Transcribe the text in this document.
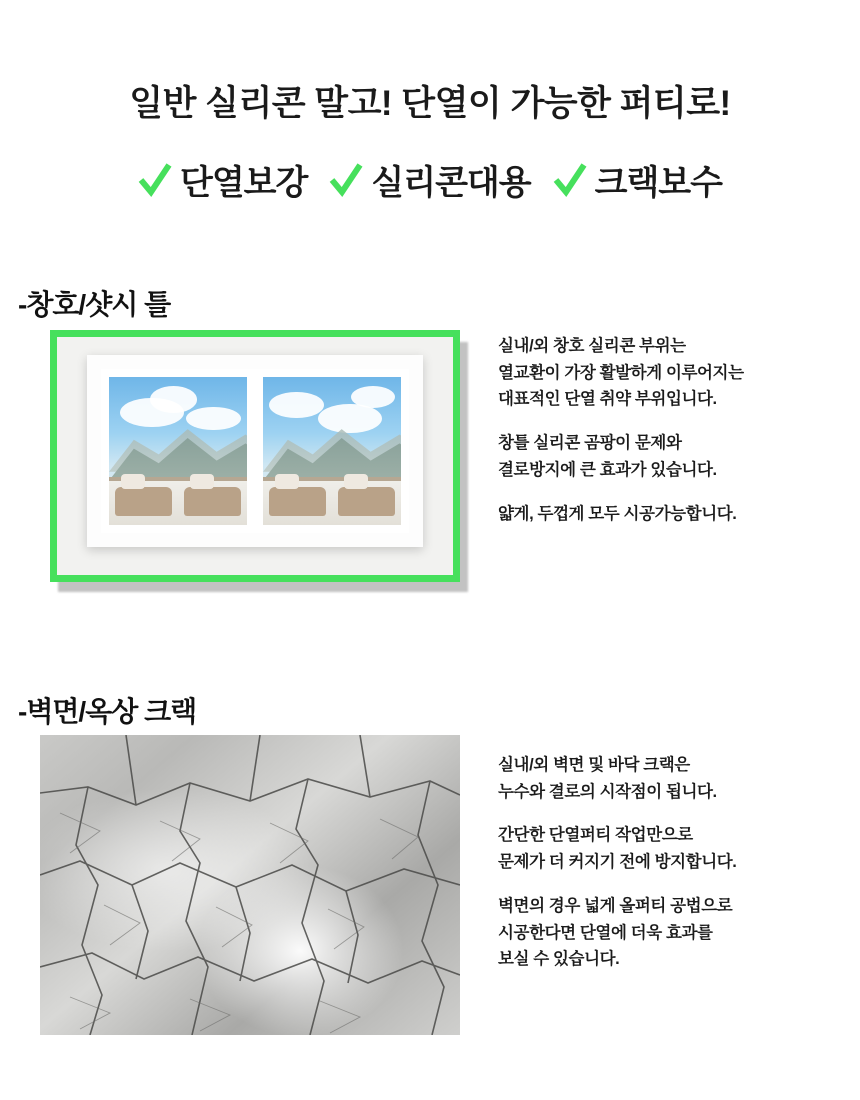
일반 실리콘 말고! 단열이 가능한 퍼티로!
단열보강 실리콘대용 크랙보수
-창호/샷시 틀

실내/외 창호 실리콘 부위는
열교환이 가장 활발하게 이루어지는
대표적인 단열 취약 부위입니다.

창틀 실리콘 곰팡이 문제와
결로방지에 큰 효과가 있습니다.

얇게, 두껍게 모두 시공가능합니다.

-벽면/옥상 크랙

실내/외 벽면 및 바닥 크랙은
누수와 결로의 시작점이 됩니다.

간단한 단열퍼티 작업만으로
문제가 더 커지기 전에 방지합니다.

벽면의 경우 넓게 올퍼티 공법으로
시공한다면 단열에 더욱 효과를
보실 수 있습니다.
